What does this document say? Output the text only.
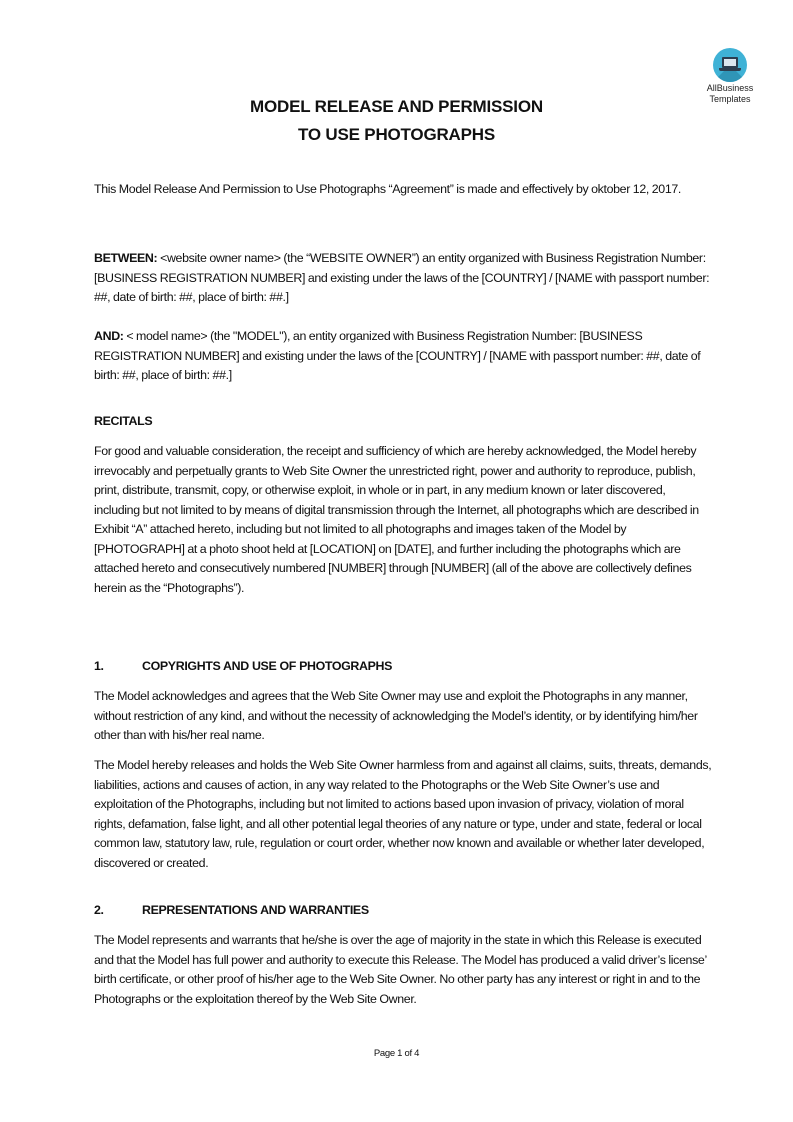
AllBusiness
Templates
MODEL RELEASE AND PERMISSION
TO USE PHOTOGRAPHS
This Model Release And Permission to Use Photographs “Agreement” is made and effectively by oktober 12, 2017.
BETWEEN: <website owner name> (the “WEBSITE OWNER”) an entity organized with Business Registration Number: [BUSINESS REGISTRATION NUMBER] and existing under the laws of the [COUNTRY] / [NAME with passport number: ##, date of birth: ##, place of birth: ##.]
AND: < model name> (the "MODEL"), an entity organized with Business Registration Number: [BUSINESS REGISTRATION NUMBER] and existing under the laws of the [COUNTRY] / [NAME with passport number: ##, date of birth: ##, place of birth: ##.]
RECITALS
For good and valuable consideration, the receipt and sufficiency of which are hereby acknowledged, the Model hereby irrevocably and perpetually grants to Web Site Owner the unrestricted right, power and authority to reproduce, publish, print, distribute, transmit, copy, or otherwise exploit, in whole or in part, in any medium known or later discovered, including but not limited to by means of digital transmission through the Internet, all photographs which are described in Exhibit “A” attached hereto, including but not limited to all photographs and images taken of the Model by [PHOTOGRAPH] at a photo shoot held at [LOCATION] on [DATE], and further including the photographs which are attached hereto and consecutively numbered [NUMBER] through [NUMBER] (all of the above are collectively defines herein as the “Photographs”).
1.	COPYRIGHTS AND USE OF PHOTOGRAPHS
The Model acknowledges and agrees that the Web Site Owner may use and exploit the Photographs in any manner, without restriction of any kind, and without the necessity of acknowledging the Model’s identity, or by identifying him/her other than with his/her real name.
The Model hereby releases and holds the Web Site Owner harmless from and against all claims, suits, threats, demands, liabilities, actions and causes of action, in any way related to the Photographs or the Web Site Owner’s use and exploitation of the Photographs, including but not limited to actions based upon invasion of privacy, violation of moral rights, defamation, false light, and all other potential legal theories of any nature or type, under and state, federal or local common law, statutory law, rule, regulation or court order, whether now known and available or whether later developed, discovered or created.
2.	REPRESENTATIONS AND WARRANTIES
The Model represents and warrants that he/she is over the age of majority in the state in which this Release is executed and that the Model has full power and authority to execute this Release. The Model has produced a valid driver’s license’ birth certificate, or other proof of his/her age to the Web Site Owner. No other party has any interest or right in and to the Photographs or the exploitation thereof by the Web Site Owner.
Page 1 of 4
